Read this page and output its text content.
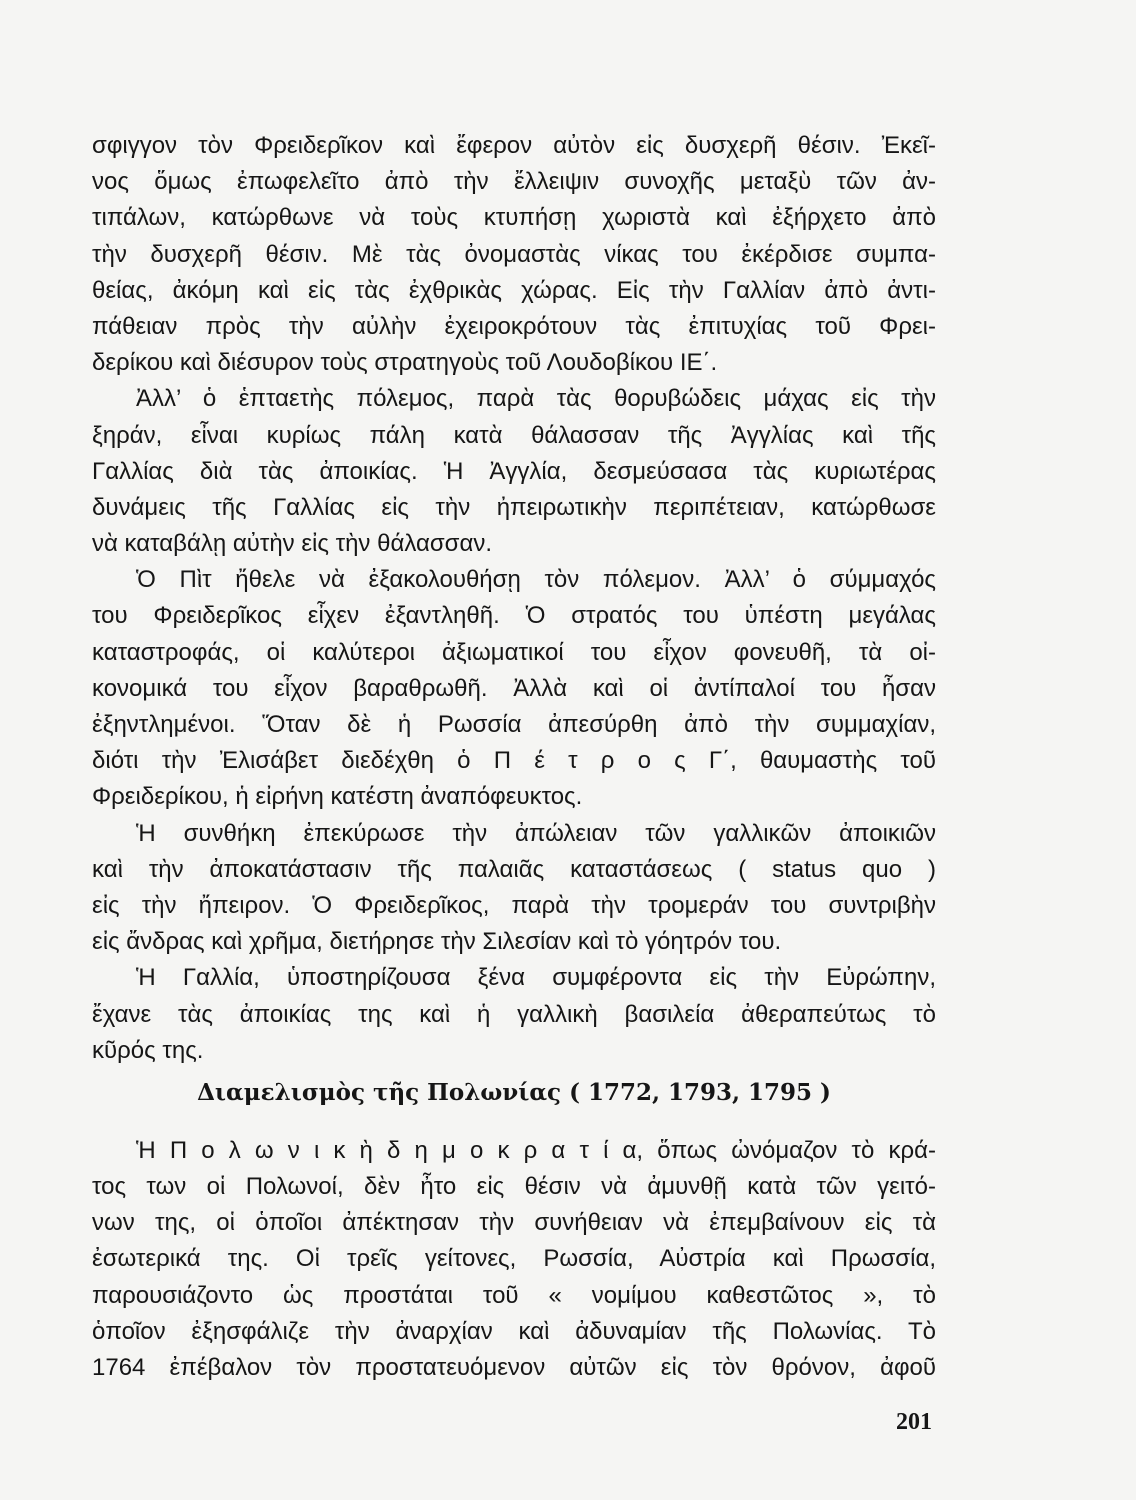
σφιγγον τὸν Φρειδερῖκον καὶ ἔφερον αὐτὸν εἰς δυσχερῆ θέσιν. Ἐκεῖ-
νος ὅμως ἐπωφελεῖτο ἀπὸ τὴν ἔλλειψιν συνοχῆς μεταξὺ τῶν ἀν-
τιπάλων, κατώρθωνε νὰ τοὺς κτυπήσῃ χωριστὰ καὶ ἐξήρχετο ἀπὸ
τὴν δυσχερῆ θέσιν. Μὲ τὰς ὀνομαστὰς νίκας του ἐκέρδισε συμπα-
θείας, ἀκόμη καὶ εἰς τὰς ἐχθρικὰς χώρας. Εἰς τὴν Γαλλίαν ἀπὸ ἀντι-
πάθειαν πρὸς τὴν αὐλὴν ἐχειροκρότουν τὰς ἐπιτυχίας τοῦ Φρει-
δερίκου καὶ διέσυρον τοὺς στρατηγοὺς τοῦ Λουδοβίκου ΙΕ΄.
Ἀλλ’ ὁ ἑπταετὴς πόλεμος, παρὰ τὰς θορυβώδεις μάχας εἰς τὴν
ξηράν, εἶναι κυρίως πάλη κατὰ θάλασσαν τῆς Ἀγγλίας καὶ τῆς
Γαλλίας διὰ τὰς ἀποικίας. Ἡ Ἀγγλία, δεσμεύσασα τὰς κυριωτέρας
δυνάμεις τῆς Γαλλίας εἰς τὴν ἠπειρωτικὴν περιπέτειαν, κατώρθωσε
νὰ καταβάλῃ αὐτὴν εἰς τὴν θάλασσαν.
Ὁ Πὶτ ἤθελε νὰ ἐξακολουθήσῃ τὸν πόλεμον. Ἀλλ’ ὁ σύμμαχός
του Φρειδερῖκος εἶχεν ἐξαντληθῆ. Ὁ στρατός του ὑπέστη μεγάλας
καταστροφάς, οἱ καλύτεροι ἀξιωματικοί του εἶχον φονευθῆ, τὰ οἰ-
κονομικά του εἶχον βαραθρωθῆ. Ἀλλὰ καὶ οἱ ἀντίπαλοί του ἦσαν
ἐξηντλημένοι. Ὅταν δὲ ἡ Ρωσσία ἀπεσύρθη ἀπὸ τὴν συμμαχίαν,
διότι τὴν Ἐλισάβετ διεδέχθη ὁ Π έ τ ρ ο ς Γ΄, θαυμαστὴς τοῦ
Φρειδερίκου, ἡ εἰρήνη κατέστη ἀναπόφευκτος.
Ἡ συνθήκη ἐπεκύρωσε τὴν ἀπώλειαν τῶν γαλλικῶν ἀποικιῶν
καὶ τὴν ἀποκατάστασιν τῆς παλαιᾶς καταστάσεως ( status quo )
εἰς τὴν ἤπειρον. Ὁ Φρειδερῖκος, παρὰ τὴν τρομεράν του συντριβὴν
εἰς ἄνδρας καὶ χρῆμα, διετήρησε τὴν Σιλεσίαν καὶ τὸ γόητρόν του.
Ἡ Γαλλία, ὑποστηρίζουσα ξένα συμφέροντα εἰς τὴν Εὐρώπην,
ἔχανε τὰς ἀποικίας της καὶ ἡ γαλλικὴ βασιλεία ἀθεραπεύτως τὸ
κῦρός της.
Διαμελισμὸς τῆς Πολωνίας ( 1772, 1793, 1795 )
Ἡ Π ο λ ω ν ι κ ὴ δ η μ ο κ ρ α τ ί α, ὅπως ὠνόμαζον τὸ κρά-
τος των οἱ Πολωνοί, δὲν ἦτο εἰς θέσιν νὰ ἀμυνθῇ κατὰ τῶν γειτό-
νων της, οἱ ὁποῖοι ἀπέκτησαν τὴν συνήθειαν νὰ ἐπεμβαίνουν εἰς τὰ
ἐσωτερικά της. Οἱ τρεῖς γείτονες, Ρωσσία, Αὐστρία καὶ Πρωσσία,
παρουσιάζοντο ὡς προστάται τοῦ « νομίμου καθεστῶτος », τὸ
ὁποῖον ἐξησφάλιζε τὴν ἀναρχίαν καὶ ἀδυναμίαν τῆς Πολωνίας. Τὸ
1764 ἐπέβαλον τὸν προστατευόμενον αὐτῶν εἰς τὸν θρόνον, ἀφοῦ
201
